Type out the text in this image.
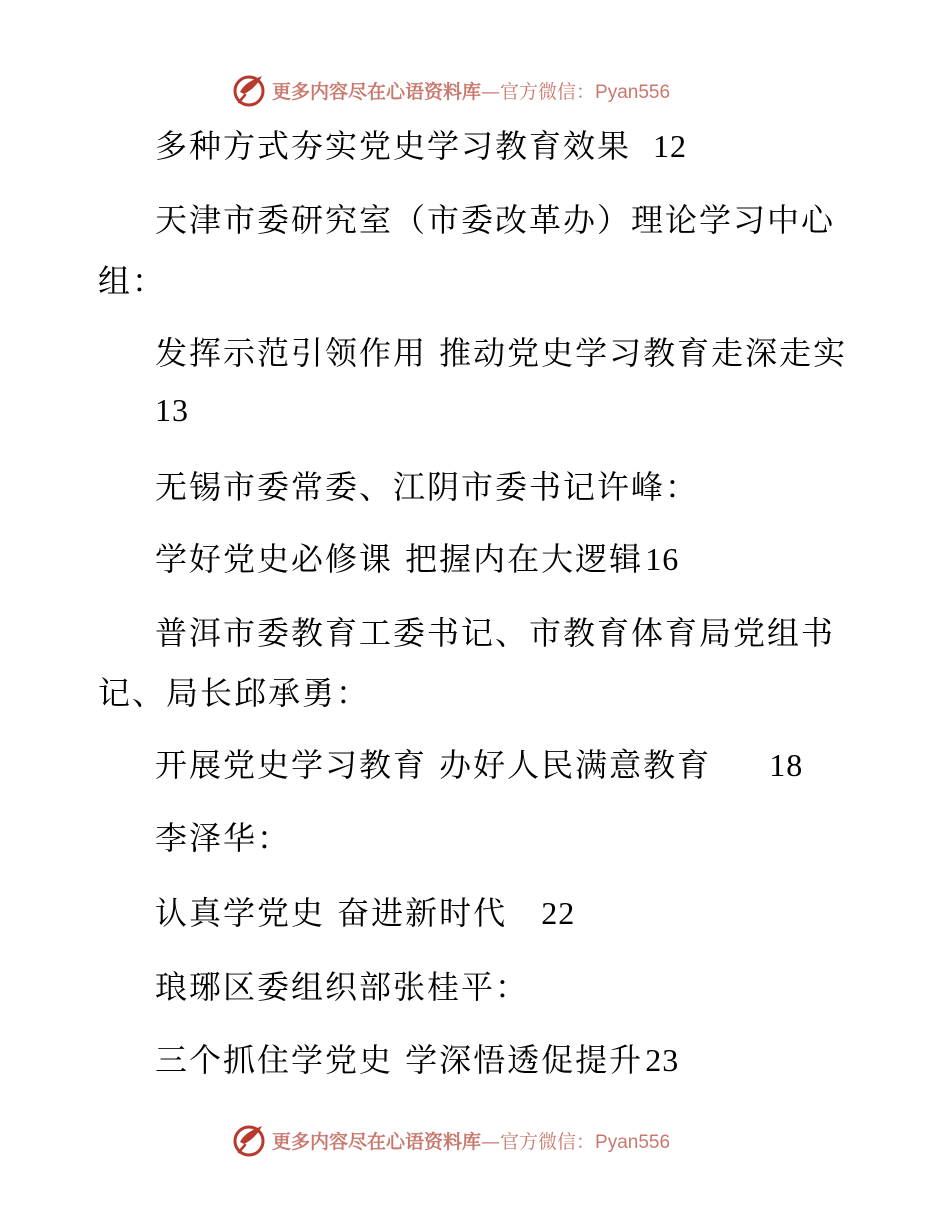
更多内容尽在心语资料库—官方微信：Pyan556
多种方式夯实党史学习教育效果 12
天津市委研究室（市委改革办）理论学习中心
组：
发挥示范引领作用 推动党史学习教育走深走实
13
无锡市委常委、江阴市委书记许峰：
学好党史必修课 把握内在大逻辑16
普洱市委教育工委书记、市教育体育局党组书
记、局长邱承勇：
开展党史学习教育 办好人民满意教育 18
李泽华：
认真学党史 奋进新时代 22
琅琊区委组织部张桂平：
三个抓住学党史 学深悟透促提升23
更多内容尽在心语资料库—官方微信：Pyan556
